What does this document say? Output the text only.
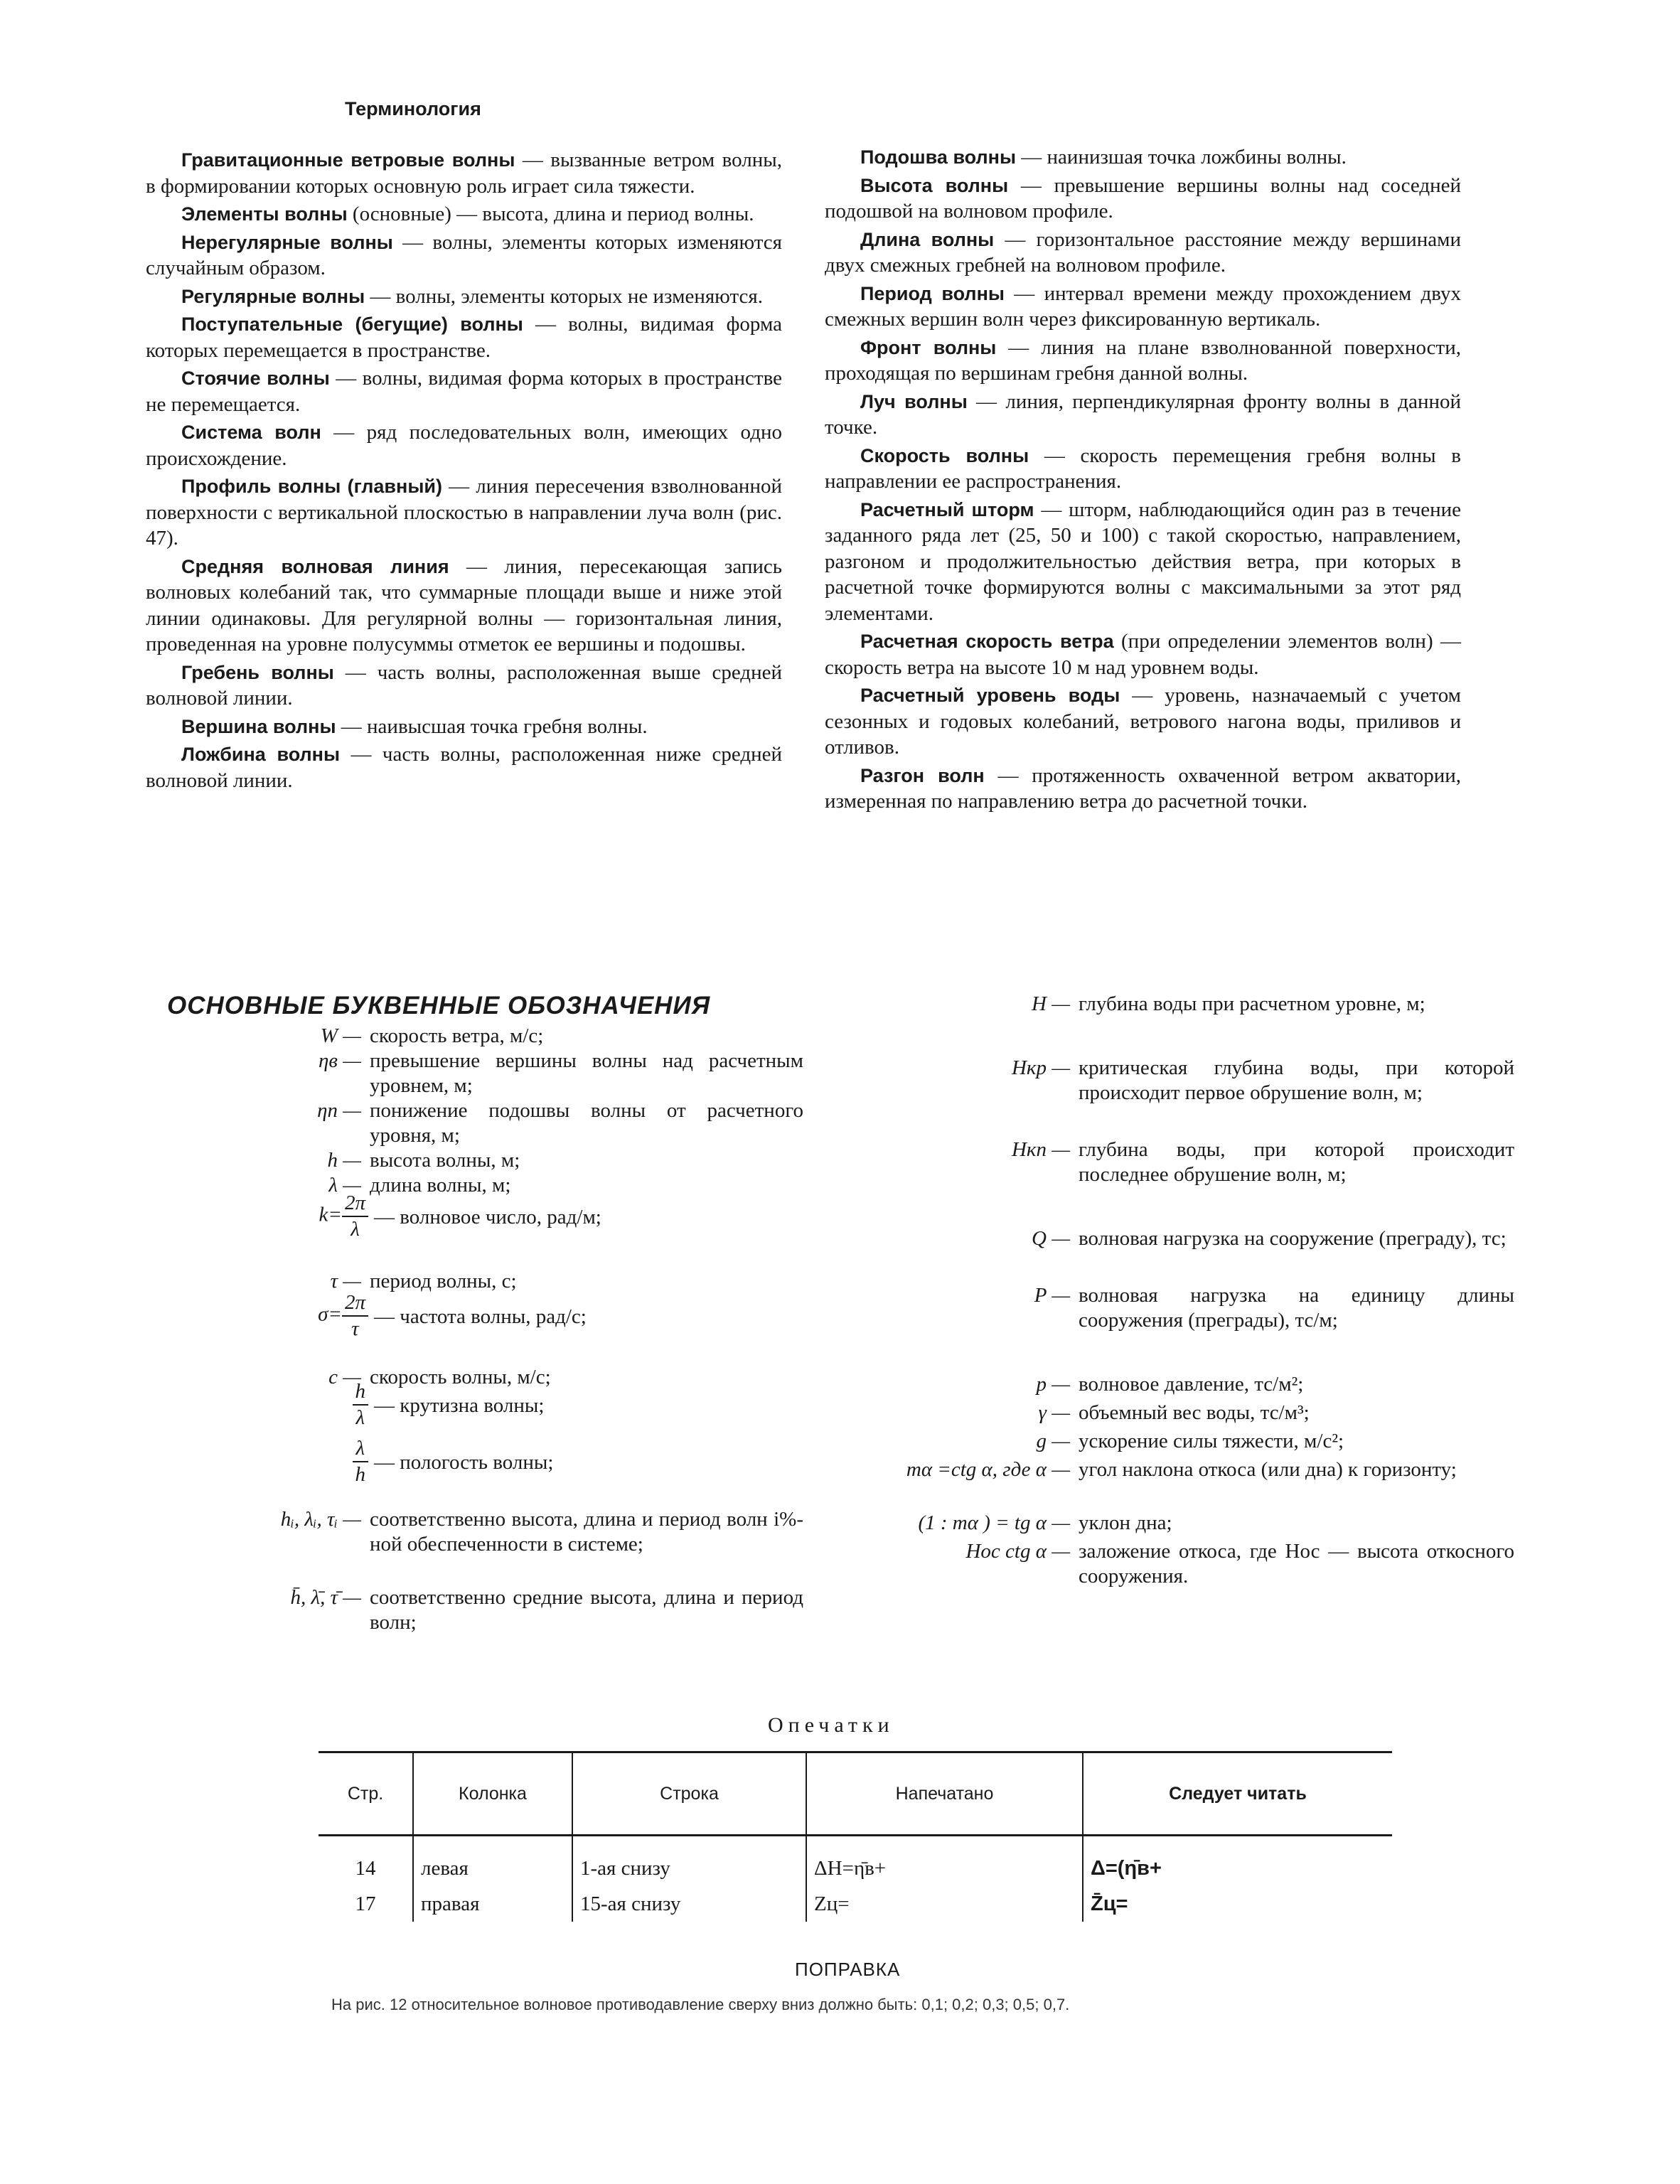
Терминология

Гравитационные ветровые волны — вызванные ветром волны, в формировании которых основную роль играет сила тяжести.

Элементы волны (основные) — высота, длина и период волны.

Нерегулярные волны — волны, элементы которых изменяются случайным образом.

Регулярные волны — волны, элементы которых не изменяются.

Поступательные (бегущие) волны — волны, видимая форма которых перемещается в пространстве.

Стоячие волны — волны, видимая форма которых в пространстве не перемещается.

Система волн — ряд последовательных волн, имеющих одно происхождение.

Профиль волны (главный) — линия пересечения взволнованной поверхности с вертикальной плоскостью в направлении луча волн (рис. 47).

Средняя волновая линия — линия, пересекающая запись волновых колебаний так, что суммарные площади выше и ниже этой линии одинаковы. Для регулярной волны — горизонтальная линия, проведенная на уровне полусуммы отметок ее вершины и подошвы.

Гребень волны — часть волны, расположенная выше средней волновой линии.

Вершина волны — наивысшая точка гребня волны.

Ложбина волны — часть волны, расположенная ниже средней волновой линии.

Подошва волны — наинизшая точка ложбины волны.

Высота волны — превышение вершины волны над соседней подошвой на волновом профиле.

Длина волны — горизонтальное расстояние между вершинами двух смежных гребней на волновом профиле.

Период волны — интервал времени между прохождением двух смежных вершин волн через фиксированную вертикаль.

Фронт волны — линия на плане взволнованной поверхности, проходящая по вершинам гребня данной волны.

Луч волны — линия, перпендикулярная фронту волны в данной точке.

Скорость волны — скорость перемещения гребня волны в направлении ее распространения.

Расчетный шторм — шторм, наблюдающийся один раз в течение заданного ряда лет (25, 50 и 100) с такой скоростью, направлением, разгоном и продолжительностью действия ветра, при которых в расчетной точке формируются волны с максимальными за этот ряд элементами.

Расчетная скорость ветра (при определении элементов волн) — скорость ветра на высоте 10 м над уровнем воды.

Расчетный уровень воды — уровень, назначаемый с учетом сезонных и годовых колебаний, ветрового нагона воды, приливов и отливов.

Разгон волн — протяженность охваченной ветром акватории, измеренная по направлению ветра до расчетной точки.

ОСНОВНЫЕ БУКВЕННЫЕ ОБОЗНАЧЕНИЯ
W — скорость ветра, м/с;
ηв — превышение вершины волны над расчетным уровнем, м;
ηп — понижение подошвы волны от расчетного уровня, м;
h — высота волны, м;
λ — длина волны, м;
$k= \frac{2\pi}{\lambda}$ — волновое число, рад/м;
τ — период волны, с;
$\sigma= \frac{2\pi}{\tau}$ — частота волны, рад/с;
c — скорость волны, м/с;
$\frac{h}{\lambda}$ — крутизна волны;
$\frac{\lambda}{h}$ — пологость волны;
hᵢ, λᵢ, τᵢ — соответственно высота, длина и период волн i%-ной обеспеченности в системе;
h̄, λ̄, τ̄ — соответственно средние высота, длина и период волн;
H — глубина воды при расчетном уровне, м;
Hкр — критическая глубина воды, при которой происходит первое обрушение волн, м;
Hкп — глубина воды, при которой происходит последнее обрушение волн, м;
Q — волновая нагрузка на сооружение (преграду), тс;
P — волновая нагрузка на единицу длины сооружения (преграды), тс/м;
p — волновое давление, тс/м²;
γ — объемный вес воды, тс/м³;
g — ускорение силы тяжести, м/с²;
mα =ctg α, где α — угол наклона откоса (или дна) к горизонту;
(1 : mα ) = tg α — уклон дна;
Hос ctg α — заложение откоса, где Hос — высота откосного сооружения.
Опечатки
Стр.	Колонка	Строка	Напечатано	Следует читать
14	левая	1-ая снизу	ΔH=η̄в+	Δ=(η̄в+
17	правая	15-ая снизу	Zц=	Z̄ц=
ПОПРАВКА
На рис. 12 относительное волновое противодавление сверху вниз должно быть: 0,1; 0,2; 0,3; 0,5; 0,7.
